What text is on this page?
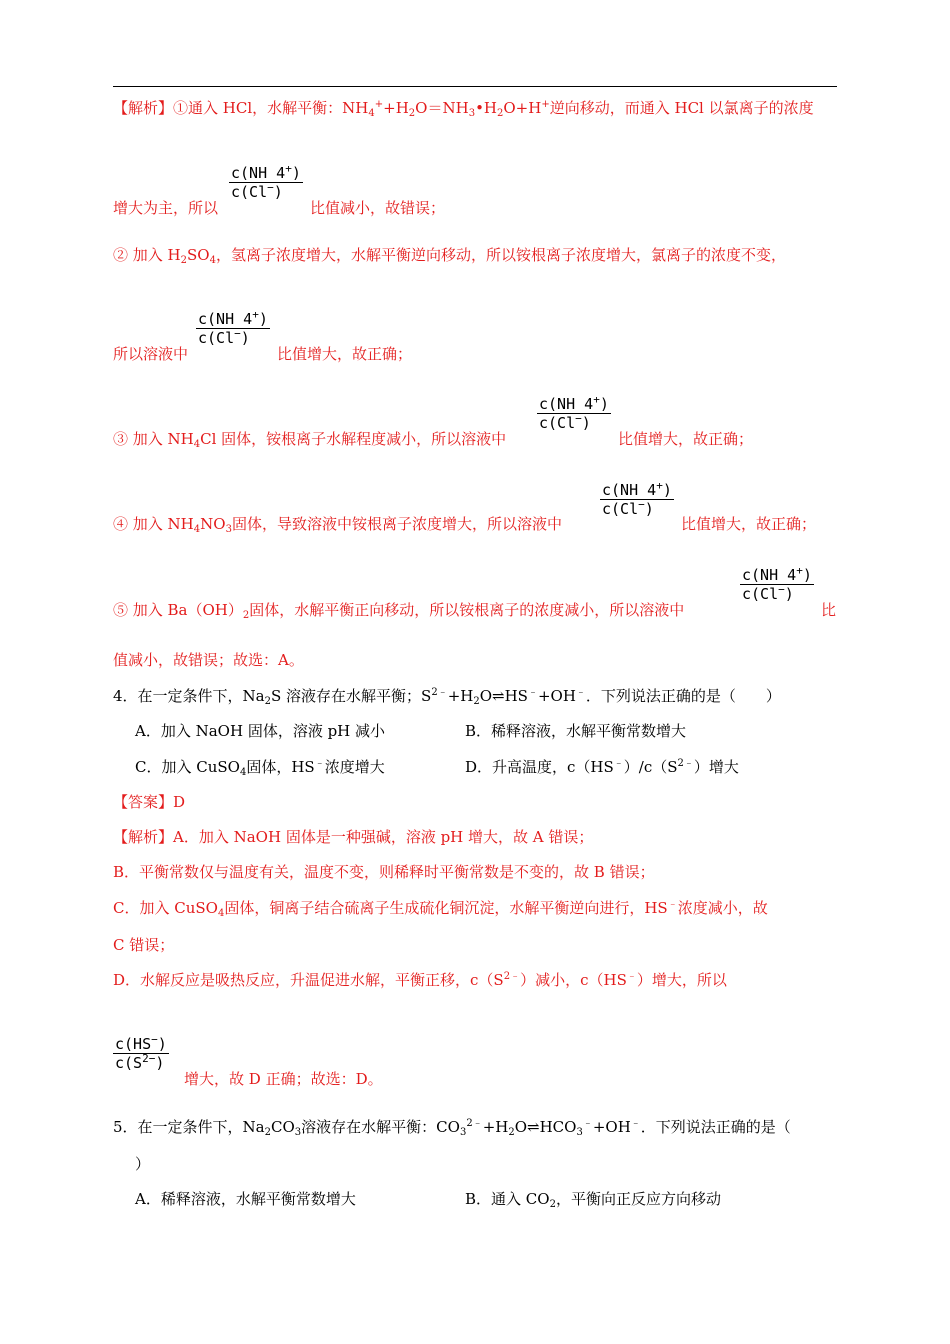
【解析】①通入 HCl，水解平衡：$NH_4^++H_2O=NH_3•H_2O+H^+$逆向移动，而通入 HCl 以氯离子的浓度
$\frac{c(NH 4^+)}{c(Cl^-)}$
增大为主，所以	比值减小，故错误；
② 加入 $H_2SO_4$，氢离子浓度增大，水解平衡逆向移动，所以铵根离子浓度增大，氯离子的浓度不变，
$\frac{c(NH 4^+)}{c(Cl^-)}$
所以溶液中	比值增大，故正确；
$\frac{c(NH 4^+)}{c(Cl^-)}$
③ 加入 $NH_4Cl$ 固体，铵根离子水解程度减小，所以溶液中	比值增大，故正确；
$\frac{c(NH 4^+)}{c(Cl^-)}$
④ 加入 $NH_4NO_3$固体，导致溶液中铵根离子浓度增大，所以溶液中	比值增大，故正确；
$\frac{c(NH 4^+)}{c(Cl^-)}$
⑤ 加入 $Ba(OH)_2$固体，水解平衡正向移动，所以铵根离子的浓度减小，所以溶液中	比
值减小，故错误；故选：A。
4．在一定条件下，$Na_2S$ 溶液存在水解平衡；$S^{2﹣}+H_2O\rightleftharpoons HS^﹣+OH^﹣$．下列说法正确的是（　　）
A．加入 NaOH 固体，溶液 pH 减小	B．稀释溶液，水解平衡常数增大
C．加入 CuSO$_4$固体，HS﹣浓度增大	D．升高温度，$c(HS^﹣)/c(S^{2﹣})$增大
【答案】D
【解析】A．加入 NaOH 固体是一种强碱，溶液 pH 增大，故 A 错误；
B．平衡常数仅与温度有关，温度不变，则稀释时平衡常数是不变的，故 B 错误；
C．加入 CuSO$_4$固体，铜离子结合硫离子生成硫化铜沉淀，水解平衡逆向进行，HS﹣浓度减小，故
C 错误；
D．水解反应是吸热反应，升温促进水解，平衡正移，$c(S^{2﹣})$减小，c（HS﹣）增大，所以
$\frac{c(HS^-)}{c(S^{2-})}$
增大，故 D 正确；故选：D。
5．在一定条件下，$Na_2CO_3$溶液存在水解平衡：$CO_3^{2﹣}+H_2O\rightleftharpoons HCO_3^﹣+OH^﹣$．下列说法正确的是（
）
A．稀释溶液，水解平衡常数增大	B．通入 $CO_2$，平衡向正反应方向移动
